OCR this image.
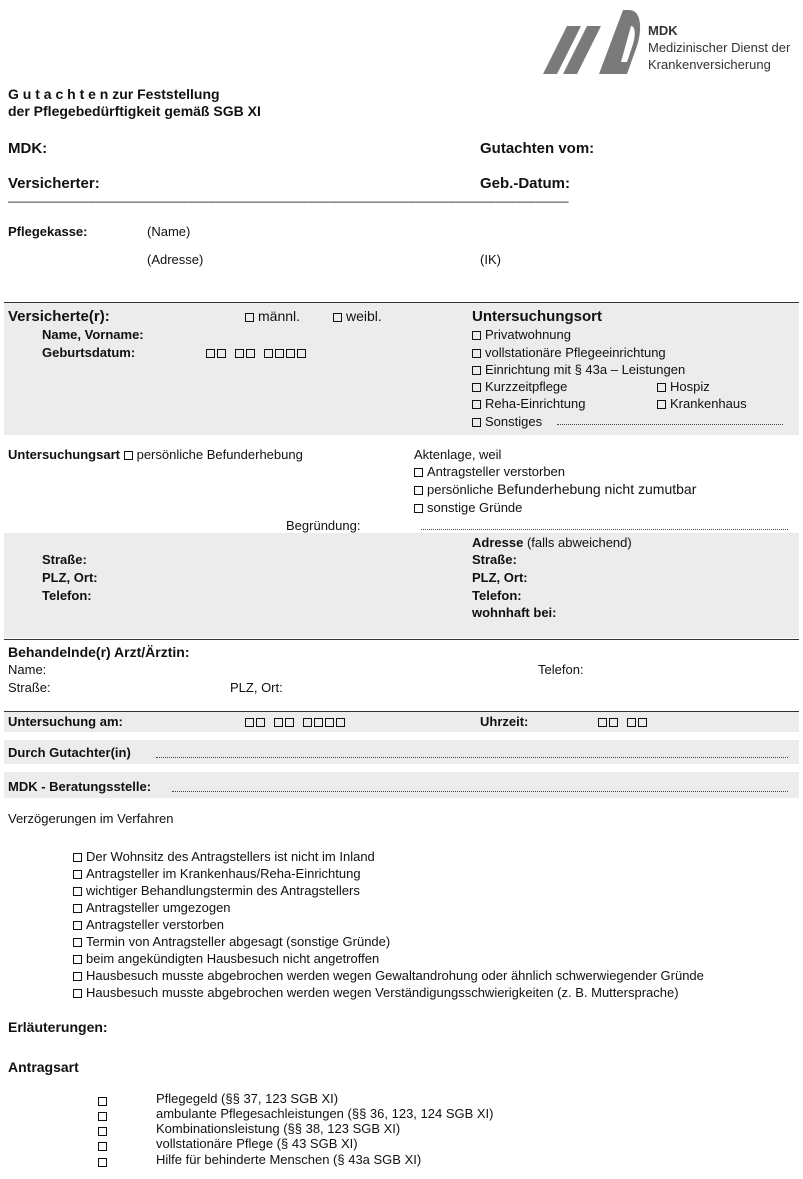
MDK
Medizinischer Dienst der
Krankenversicherung
G u t a c h t e n zur Feststellung
der Pflegebedürftigkeit gemäß SGB XI
MDK:	Gutachten vom:
Versicherter:	Geb.-Datum:
––––––––––––––––––––––––––––––––––––––––––––––––––––––––––––––––––––––––––––––––––––
Pflegekasse:	(Name)
(Adresse)	(IK)
Versicherte(r):	männl.	weibl.
Name, Vorname:
Geburtsdatum:
Untersuchungsort
Privatwohnung
vollstationäre Pflegeeinrichtung
Einrichtung mit § 43a – Leistungen
Kurzzeitpflege	Hospiz
Reha-Einrichtung	Krankenhaus
Sonstiges
Untersuchungsart persönliche Befunderhebung	Aktenlage, weil
Antragsteller verstorben
persönliche Befunderhebung nicht zumutbar
sonstige Gründe
Begründung:
Straße:
PLZ, Ort:
Telefon:
Adresse (falls abweichend)
Straße:
PLZ, Ort:
Telefon:
wohnhaft bei:
Behandelnde(r) Arzt/Ärztin:
Name:	Telefon:
Straße:	PLZ, Ort:
Untersuchung am:	Uhrzeit:
Durch Gutachter(in)
MDK - Beratungsstelle:
Verzögerungen im Verfahren
Der Wohnsitz des Antragstellers ist nicht im Inland
Antragsteller im Krankenhaus/Reha-Einrichtung
wichtiger Behandlungstermin des Antragstellers
Antragsteller umgezogen
Antragsteller verstorben
Termin von Antragsteller abgesagt (sonstige Gründe)
beim angekündigten Hausbesuch nicht angetroffen
Hausbesuch musste abgebrochen werden wegen Gewaltandrohung oder ähnlich schwerwiegender Gründe
Hausbesuch musste abgebrochen werden wegen Verständigungsschwierigkeiten (z. B. Muttersprache)
Erläuterungen:
Antragsart
Pflegegeld (§§ 37, 123 SGB XI)
ambulante Pflegesachleistungen (§§ 36, 123, 124 SGB XI)
Kombinationsleistung (§§ 38, 123 SGB XI)
vollstationäre Pflege (§ 43 SGB XI)
Hilfe für behinderte Menschen (§ 43a SGB XI)
